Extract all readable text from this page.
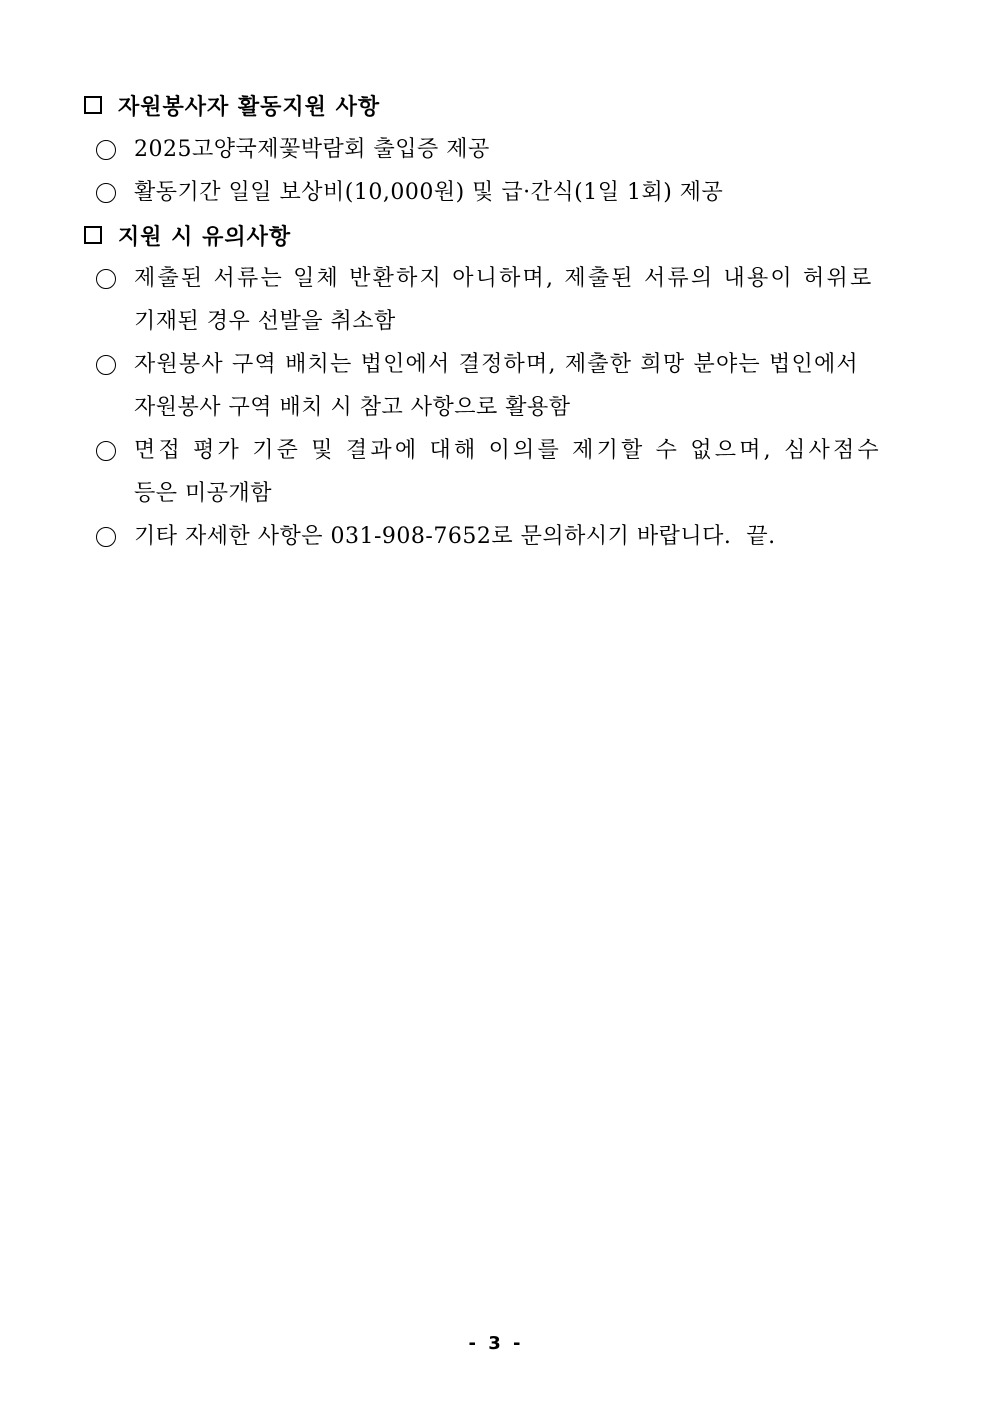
자원봉사자 활동지원 사항
2025고양국제꽃박람회 출입증 제공
활동기간 일일 보상비(10,000원) 및 급·간식(1일 1회) 제공
지원 시 유의사항
제출된 서류는 일체 반환하지 아니하며, 제출된 서류의 내용이 허위로
기재된 경우 선발을 취소함
자원봉사 구역 배치는 법인에서 결정하며, 제출한 희망 분야는 법인에서
자원봉사 구역 배치 시 참고 사항으로 활용함
면접 평가 기준 및 결과에 대해 이의를 제기할 수 없으며, 심사점수
등은 미공개함
기타 자세한 사항은 031-908-7652로 문의하시기 바랍니다.  끝.
- 3 -
